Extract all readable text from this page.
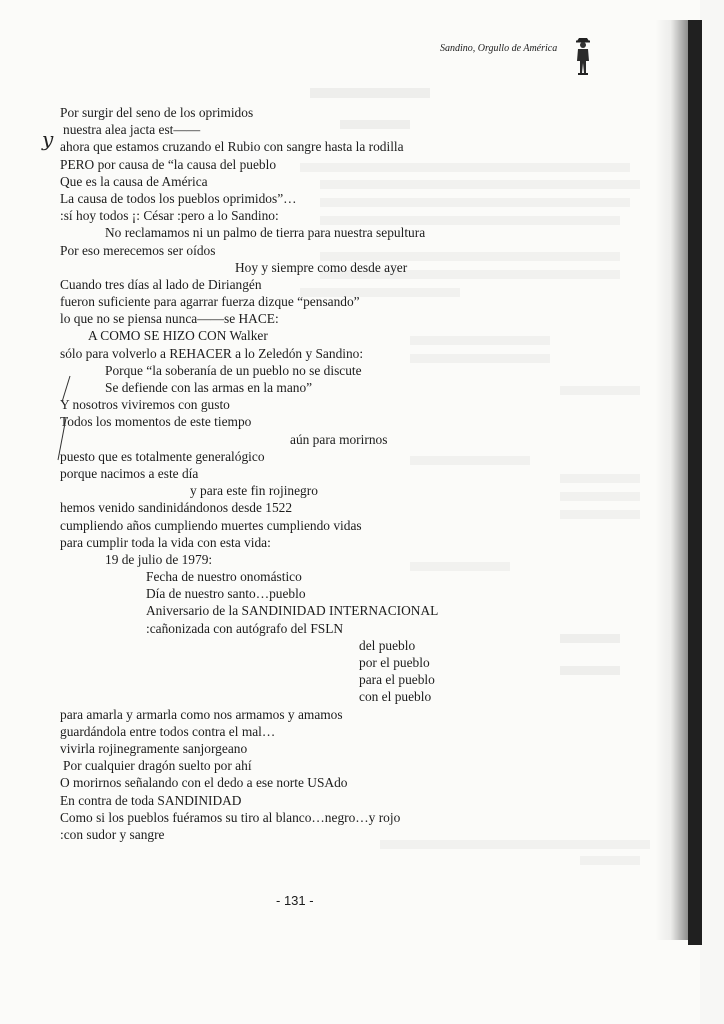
Sandino, Orgullo de América
y
Por surgir del seno de los oprimidos
nuestra alea jacta est——
ahora que estamos cruzando el Rubio con sangre hasta la rodilla
PERO por causa de “la causa del pueblo
Que es la causa de América
La causa de todos los pueblos oprimidos”…
:sí hoy todos ¡: César :pero a lo Sandino:
No reclamamos ni un palmo de tierra para nuestra sepultura
Por eso merecemos ser oídos
Hoy y siempre como desde ayer
Cuando tres días al lado de Diriangén
fueron suficiente para agarrar fuerza dizque “pensando”
lo que no se piensa nunca——se HACE:
A COMO SE HIZO CON Walker
sólo para volverlo a REHACER a lo Zeledón y Sandino:
Porque “la soberanía de un pueblo no se discute
Se defiende con las armas en la mano”
Y nosotros viviremos con gusto
Todos los momentos de este tiempo
aún para morirnos
puesto que es totalmente generalógico
porque nacimos a este día
y para este fin rojinegro
hemos venido sandinidándonos desde 1522
cumpliendo años cumpliendo muertes cumpliendo vidas
para cumplir toda la vida con esta vida:
19 de julio de 1979:
Fecha de nuestro onomástico
Día de nuestro santo…pueblo
Aniversario de la SANDINIDAD INTERNACIONAL
:cañonizada con autógrafo del FSLN
del pueblo
por el pueblo
para el pueblo
con el pueblo
para amarla y armarla como nos armamos y amamos
guardándola entre todos contra el mal…
vivirla rojinegramente sanjorgeano
Por cualquier dragón suelto por ahí
O morirnos señalando con el dedo a ese norte USAdo
En contra de toda SANDINIDAD
Como si los pueblos fuéramos su tiro al blanco…negro…y rojo
:con sudor y sangre
- 131 -
